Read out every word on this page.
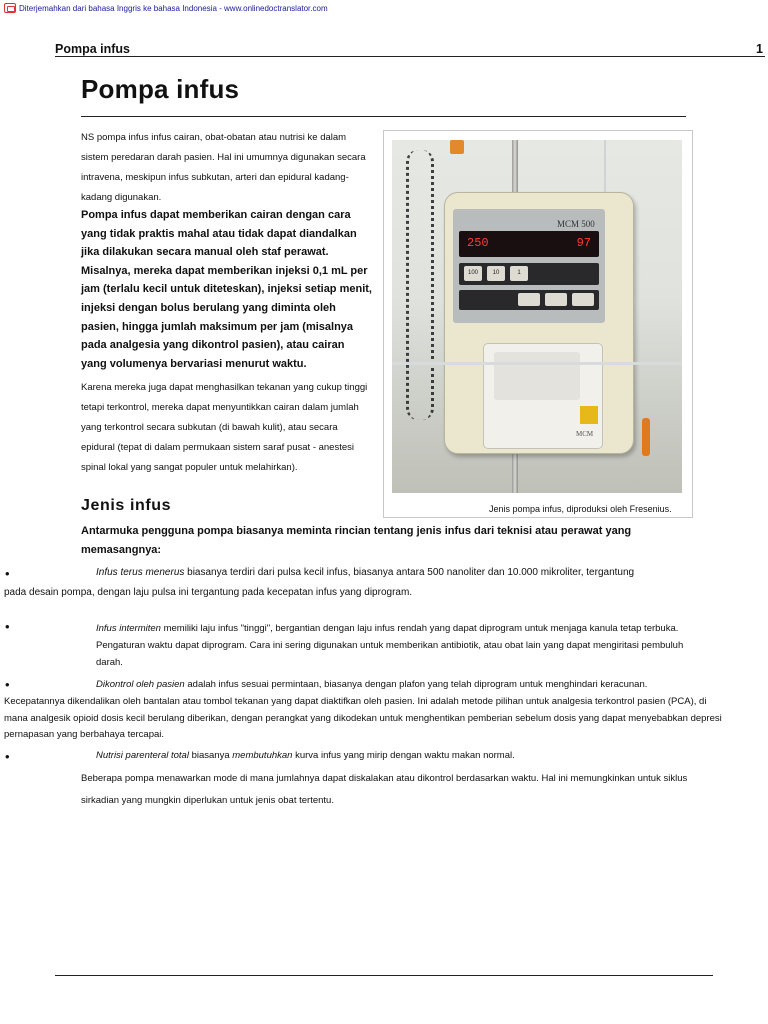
Diterjemahkan dari bahasa Inggris ke bahasa Indonesia - www.onlinedoctranslator.com
Pompa infus	1
Pompa infus

NS pompa infus infus cairan, obat-obatan atau nutrisi ke dalam sistem peredaran darah pasien. Hal ini umumnya digunakan secara intravena, meskipun infus subkutan, arteri dan epidural kadang-kadang digunakan.

Pompa infus dapat memberikan cairan dengan cara yang tidak praktis mahal atau tidak dapat diandalkan jika dilakukan secara manual oleh staf perawat. Misalnya, mereka dapat memberikan injeksi 0,1 mL per jam (terlalu kecil untuk diteteskan), injeksi setiap menit, injeksi dengan bolus berulang yang diminta oleh pasien, hingga jumlah maksimum per jam (misalnya pada analgesia yang dikontrol pasien), atau cairan yang volumenya bervariasi menurut waktu.

Karena mereka juga dapat menghasilkan tekanan yang cukup tinggi tetapi terkontrol, mereka dapat menyuntikkan cairan dalam jumlah yang terkontrol secara subkutan (di bawah kulit), atau secara epidural (tepat di dalam permukaan sistem saraf pusat - anestesi spinal lokal yang sangat populer untuk melahirkan).

MCM 500
250	97
100	10	1
MCM
Jenis pompa infus, diproduksi oleh Fresenius.
Jenis infus

Antarmuka pengguna pompa biasanya meminta rincian tentang jenis infus dari teknisi atau perawat yang memasangnya:

•	Infus terus menerus biasanya terdiri dari pulsa kecil infus, biasanya antara 500 nanoliter dan 10.000 mikroliter, tergantung
pada desain pompa, dengan laju pulsa ini tergantung pada kecepatan infus yang diprogram.
•	Infus intermiten memiliki laju infus "tinggi", bergantian dengan laju infus rendah yang dapat diprogram untuk menjaga kanula tetap terbuka. Pengaturan waktu dapat diprogram. Cara ini sering digunakan untuk memberikan antibiotik, atau obat lain yang dapat mengiritasi pembuluh darah.
•	Dikontrol oleh pasien adalah infus sesuai permintaan, biasanya dengan plafon yang telah diprogram untuk menghindari keracunan.
Kecepatannya dikendalikan oleh bantalan atau tombol tekanan yang dapat diaktifkan oleh pasien. Ini adalah metode pilihan untuk analgesia terkontrol pasien (PCA), di mana analgesik opioid dosis kecil berulang diberikan, dengan perangkat yang dikodekan untuk menghentikan pemberian sebelum dosis yang dapat menyebabkan depresi pernapasan yang berbahaya tercapai.
•	Nutrisi parenteral total biasanya membutuhkan kurva infus yang mirip dengan waktu makan normal.

Beberapa pompa menawarkan mode di mana jumlahnya dapat diskalakan atau dikontrol berdasarkan waktu. Hal ini memungkinkan untuk siklus sirkadian yang mungkin diperlukan untuk jenis obat tertentu.
